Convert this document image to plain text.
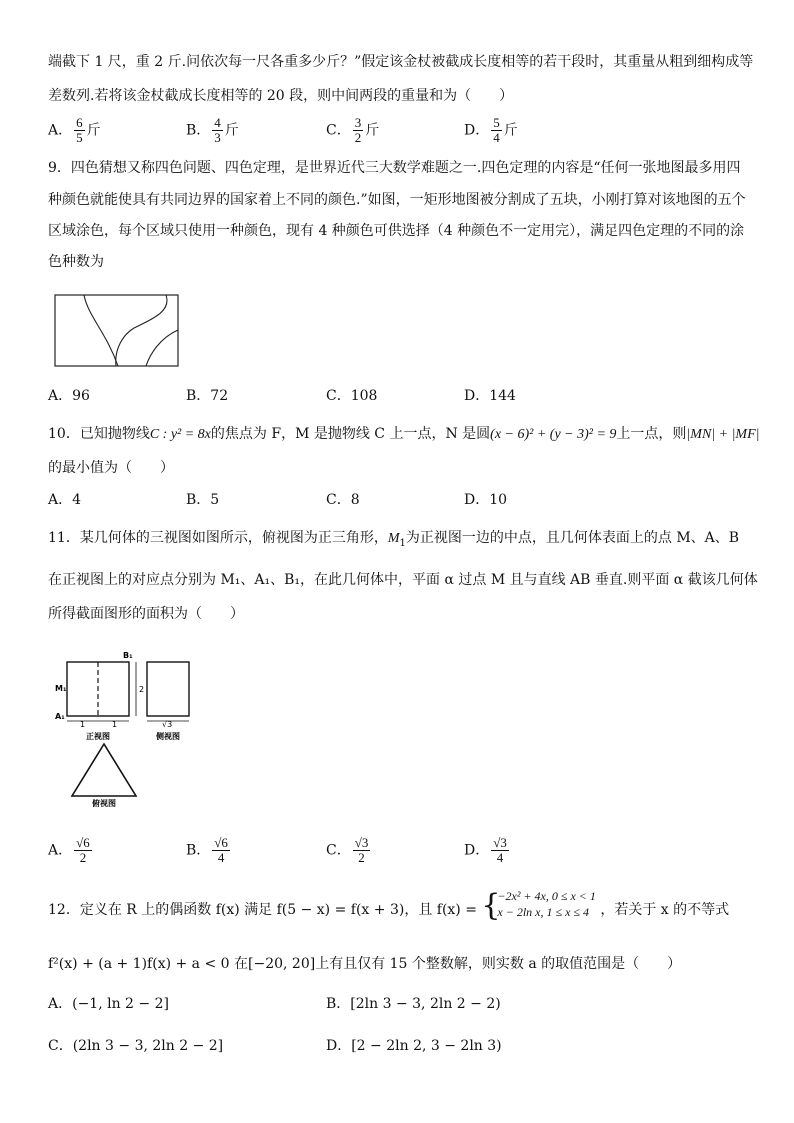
端截下 1 尺，重 2 斤.问依次每一尺各重多少斤？”假定该金杖被截成长度相等的若干段时，其重量从粗到细构成等
差数列.若将该金杖截成长度相等的 20 段，则中间两段的重量和为（　　）
A． $\frac{6}{5}$ 斤	B． $\frac{4}{3}$ 斤	C． $\frac{3}{2}$ 斤	D． $\frac{5}{4}$ 斤
9．四色猜想又称四色问题、四色定理，是世界近代三大数学难题之一.四色定理的内容是“任何一张地图最多用四
种颜色就能使具有共同边界的国家着上不同的颜色.”如图，一矩形地图被分割成了五块，小刚打算对该地图的五个
区域涂色，每个区域只使用一种颜色，现有 4 种颜色可供选择（4 种颜色不一定用完），满足四色定理的不同的涂
色种数为
A．96	B．72	C．108	D．144
10．已知抛物线C : y² = 8x的焦点为 F，M 是抛物线 C 上一点，N 是圆(x − 6)² + (y − 3)² = 9上一点，则|MN| + |MF|
的最小值为（　　）
A．4	B．5	C．8	D．10
11．某几何体的三视图如图所示，俯视图为正三角形，$M_1$为正视图一边的中点，且几何体表面上的点 M、A、B
在正视图上的对应点分别为 M₁、A₁、B₁，在此几何体中，平面 α 过点 M 且与直线 AB 垂直.则平面 α 截该几何体
所得截面图形的面积为（　　）
B₁
M₁
A₁
2
1	1	√3
正视图	侧视图
俯视图
A． $\frac{√6}{2}$	B． $\frac{√6}{4}$	C． $\frac{√3}{2}$	D． $\frac{√3}{4}$
12．定义在 R 上的偶函数 f(x) 满足 f(5 − x) = f(x + 3)，且 f(x) = {
−2x² + 4x, 0 ≤ x < 1
x − 2ln x, 1 ≤ x ≤ 4 ，若关于 x 的不等式
f²(x) + (a + 1)f(x) + a < 0 在[−20, 20]上有且仅有 15 个整数解，则实数 a 的取值范围是（　　）
A．(−1, ln 2 − 2]	B．[2ln 3 − 3, 2ln 2 − 2)
C．(2ln 3 − 3, 2ln 2 − 2]	D．[2 − 2ln 2, 3 − 2ln 3)
